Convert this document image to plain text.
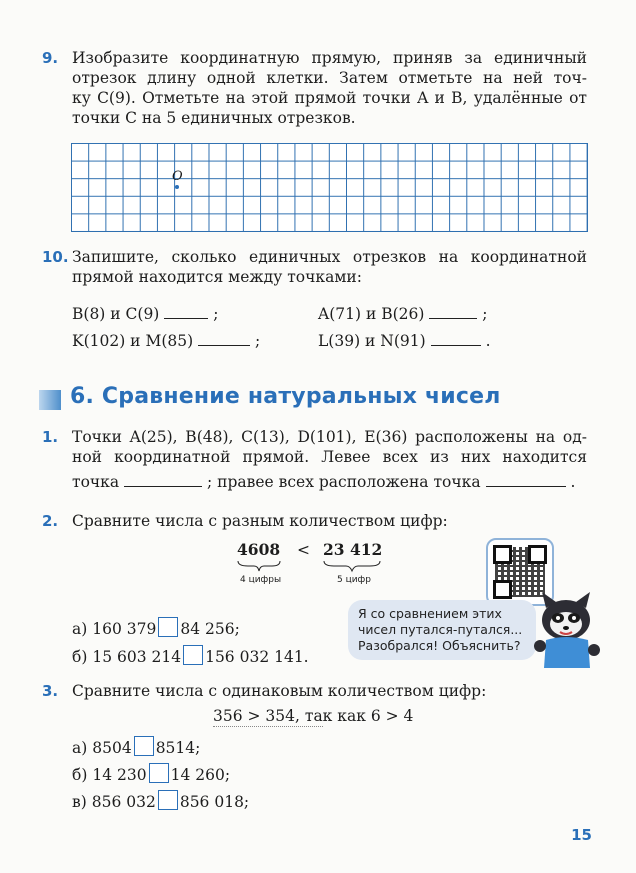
9. Изобразите координатную прямую, приняв за единичный
отрезок длину одной клетки. Затем отметьте на ней точ-
ку C(9). Отметьте на этой прямой точки A и B, удалённые от
точки C на 5 единичных отрезков.
O
10. Запишите, сколько единичных отрезков на координатной
прямой находится между точками:
B(8) и C(9)	;	A(71) и B(26)	;
K(102) и M(85)	;	L(39) и N(91)	.
6. Сравнение натуральных чисел
1. Точки A(25), B(48), C(13), D(101), E(36) расположены на од-
ной координатной прямой. Левее всех из них находится
точка	; правее всех расположена точка	.
2. Сравните числа с разным количеством цифр:
4608 < 23 412
4 цифры	5 цифр
а) 160 379 84 256;
б) 15 603 214 156 032 141.
Я со сравнением этих
чисел путался-путался...
Разобрался! Объяснить?
3. Сравните числа с одинаковым количеством цифр:
356 > 354, так как 6 > 4
а) 8504 8514;
б) 14 230 14 260;
в) 856 032 856 018;
15
